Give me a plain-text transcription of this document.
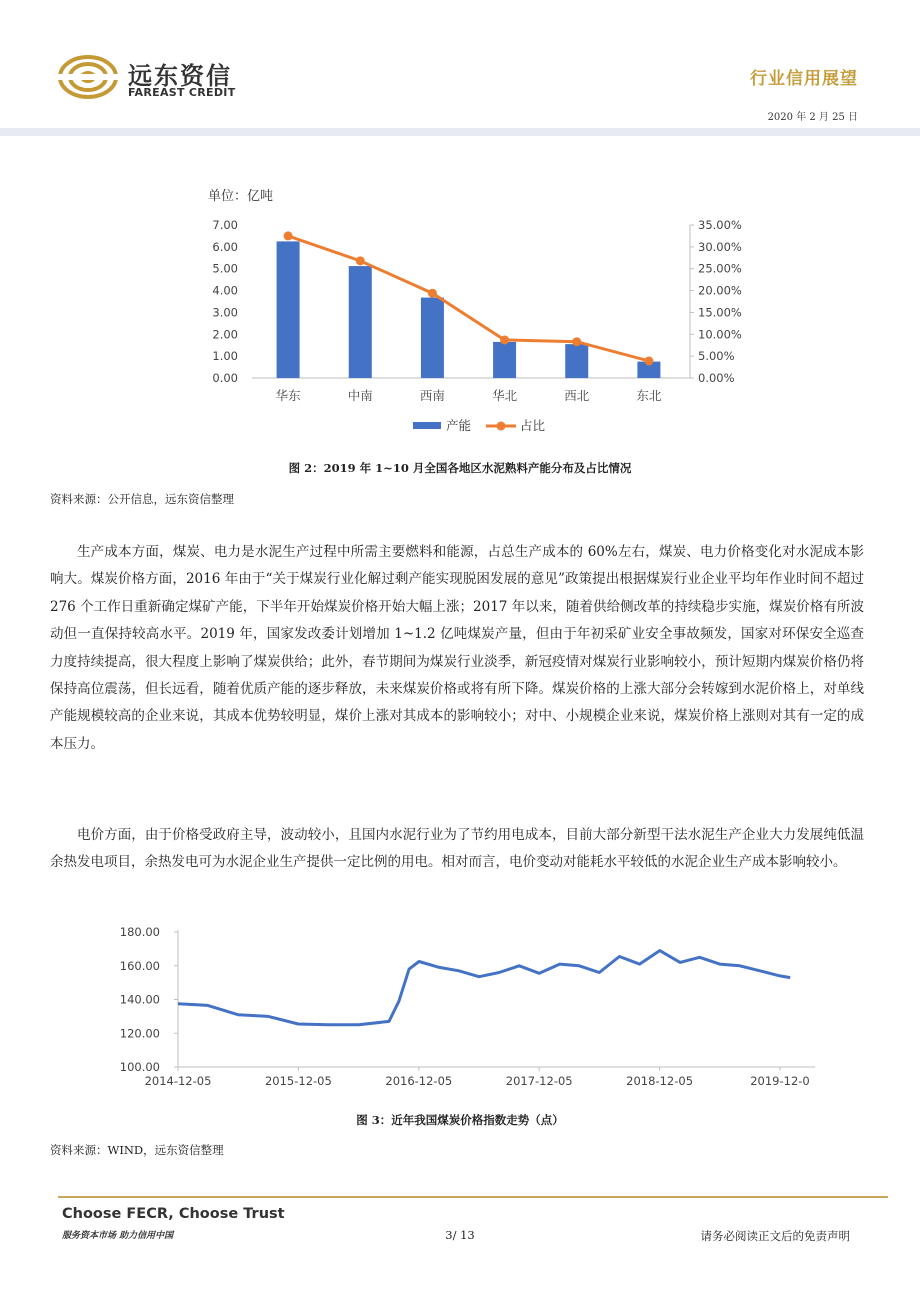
远东资信
FAREAST CREDIT
行业信用展望
2020 年 2 月 25 日
单位：亿吨
0.00
1.00
2.00
3.00
4.00
5.00
6.00
7.00
0.00%
5.00%
10.00%
15.00%
20.00%
25.00%
30.00%
35.00%
华东	中南	西南	华北	西北	东北
产能	占比
图 2：2019 年 1~10 月全国各地区水泥熟料产能分布及占比情况
资料来源：公开信息，远东资信整理

生产成本方面，煤炭、电力是水泥生产过程中所需主要燃料和能源，占总生产成本的 60%左右，煤炭、电力价格变化对水泥成本影响大。煤炭价格方面，2016 年由于“关于煤炭行业化解过剩产能实现脱困发展的意见”政策提出根据煤炭行业企业平均年作业时间不超过 276 个工作日重新确定煤矿产能，下半年开始煤炭价格开始大幅上涨；2017 年以来，随着供给侧改革的持续稳步实施，煤炭价格有所波动但一直保持较高水平。2019 年，国家发改委计划增加 1~1.2 亿吨煤炭产量，但由于年初采矿业安全事故频发，国家对环保安全巡查力度持续提高，很大程度上影响了煤炭供给；此外，春节期间为煤炭行业淡季，新冠疫情对煤炭行业影响较小，预计短期内煤炭价格仍将保持高位震荡，但长远看，随着优质产能的逐步释放，未来煤炭价格或将有所下降。煤炭价格的上涨大部分会转嫁到水泥价格上，对单线产能规模较高的企业来说，其成本优势较明显，煤价上涨对其成本的影响较小；对中、小规模企业来说，煤炭价格上涨则对其有一定的成本压力。

电价方面，由于价格受政府主导，波动较小，且国内水泥行业为了节约用电成本，目前大部分新型干法水泥生产企业大力发展纯低温余热发电项目，余热发电可为水泥企业生产提供一定比例的用电。相对而言，电价变动对能耗水平较低的水泥企业生产成本影响较小。

100.00
120.00
140.00
160.00
180.00
2014-12-05	2015-12-05	2016-12-05	2017-12-05	2018-12-05	2019-12-0
图 3：近年我国煤炭价格指数走势（点）
资料来源：WIND，远东资信整理
Choose FECR, Choose Trust
服务资本市场 助力信用中国	3/ 13	请务必阅读正文后的免责声明
